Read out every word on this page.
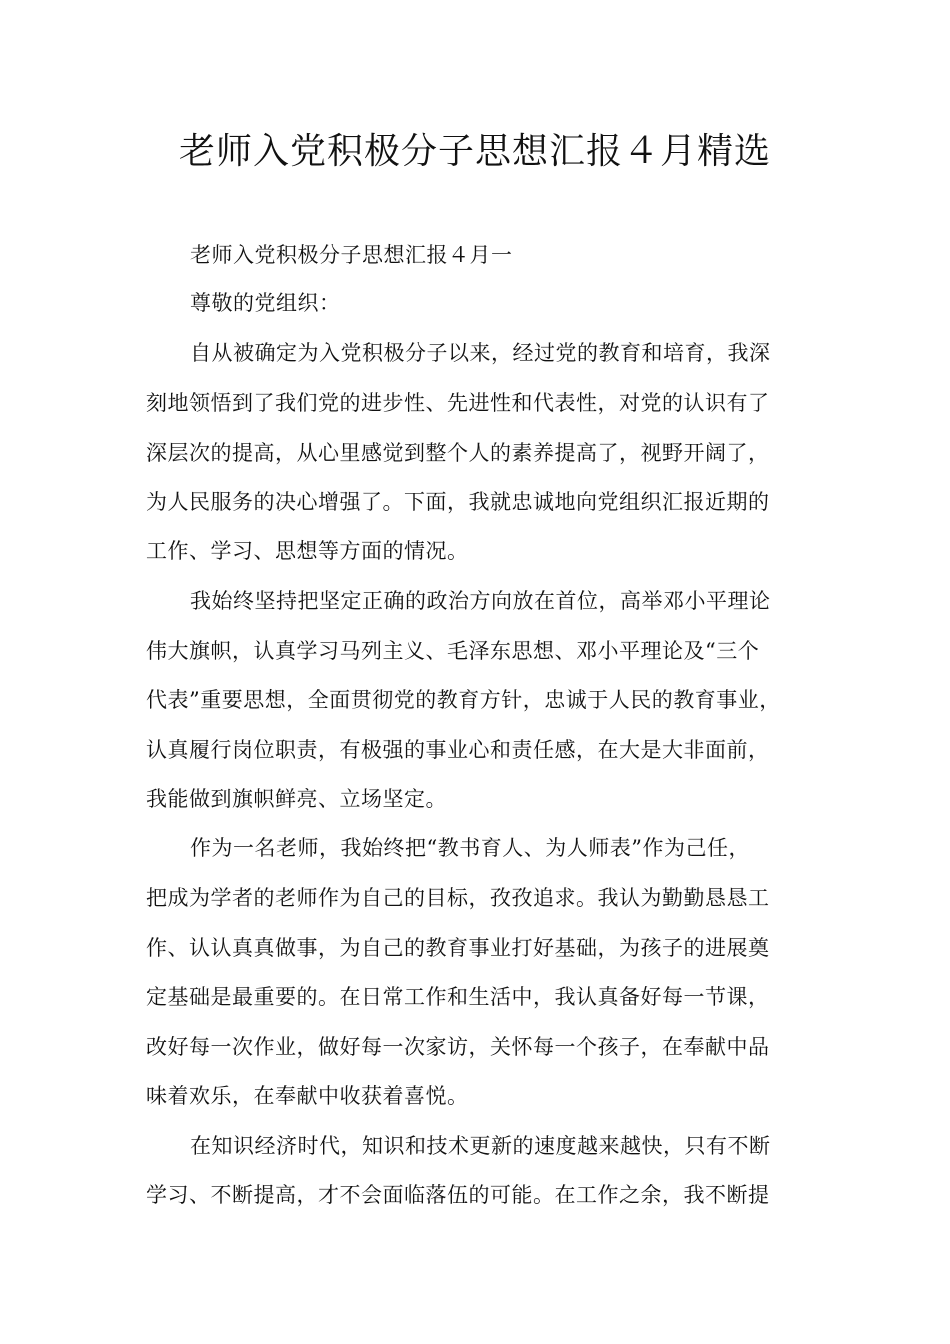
老师入党积极分子思想汇报４月精选
老师入党积极分子思想汇报４月一
尊敬的党组织：
自从被确定为入党积极分子以来，经过党的教育和培育，我深
刻地领悟到了我们党的进步性、先进性和代表性，对党的认识有了
深层次的提高，从心里感觉到整个人的素养提高了，视野开阔了，
为人民服务的决心增强了。下面，我就忠诚地向党组织汇报近期的
工作、学习、思想等方面的情况。
我始终坚持把坚定正确的政治方向放在首位，高举邓小平理论
伟大旗帜，认真学习马列主义、毛泽东思想、邓小平理论及“三个
代表”重要思想，全面贯彻党的教育方针，忠诚于人民的教育事业，
认真履行岗位职责，有极强的事业心和责任感，在大是大非面前，
我能做到旗帜鲜亮、立场坚定。
作为一名老师，我始终把“教书育人、为人师表”作为己任，
把成为学者的老师作为自己的目标，孜孜追求。我认为勤勤恳恳工
作、认认真真做事，为自己的教育事业打好基础，为孩子的进展奠
定基础是最重要的。在日常工作和生活中，我认真备好每一节课，
改好每一次作业，做好每一次家访，关怀每一个孩子，在奉献中品
味着欢乐，在奉献中收获着喜悦。
在知识经济时代，知识和技术更新的速度越来越快，只有不断
学习、不断提高，才不会面临落伍的可能。在工作之余，我不断提
